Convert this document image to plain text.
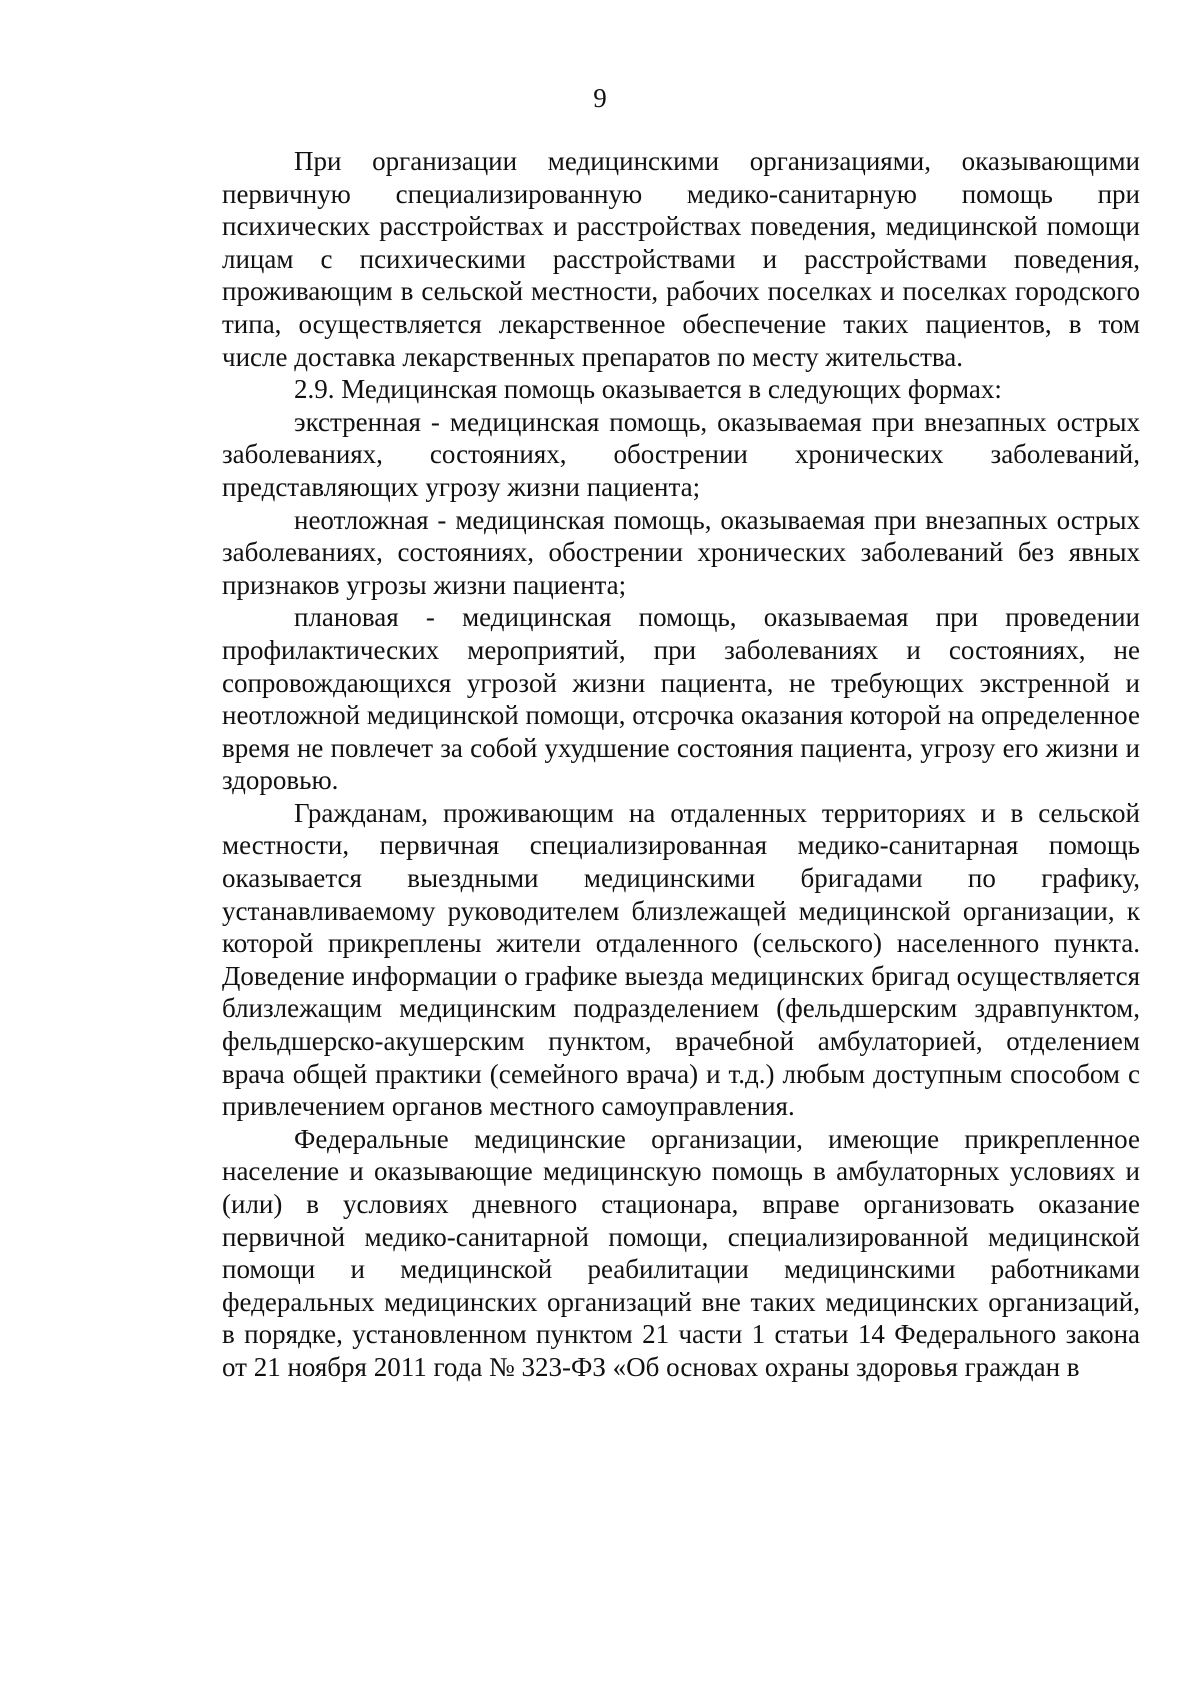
9

При организации медицинскими организациями, оказывающими первичную специализированную медико-санитарную помощь при психических расстройствах и расстройствах поведения, медицинской помощи лицам с психическими расстройствами и расстройствами поведения, проживающим в сельской местности, рабочих поселках и поселках городского типа, осуществляется лекарственное обеспечение таких пациентов, в том числе доставка лекарственных препаратов по месту жительства.

2.9. Медицинская помощь оказывается в следующих формах:

экстренная - медицинская помощь, оказываемая при внезапных острых заболеваниях, состояниях, обострении хронических заболеваний, представляющих угрозу жизни пациента;

неотложная - медицинская помощь, оказываемая при внезапных острых заболеваниях, состояниях, обострении хронических заболеваний без явных признаков угрозы жизни пациента;

плановая - медицинская помощь, оказываемая при проведении профилактических мероприятий, при заболеваниях и состояниях, не сопровождающихся угрозой жизни пациента, не требующих экстренной и неотложной медицинской помощи, отсрочка оказания которой на определенное время не повлечет за собой ухудшение состояния пациента, угрозу его жизни и здоровью.

Гражданам, проживающим на отдаленных территориях и в сельской местности, первичная специализированная медико-санитарная помощь оказывается выездными медицинскими бригадами по графику, устанавливаемому руководителем близлежащей медицинской организации, к которой прикреплены жители отдаленного (сельского) населенного пункта. Доведение информации о графике выезда медицинских бригад осуществляется близлежащим медицинским подразделением (фельдшерским здравпунктом, фельдшерско-акушерским пунктом, врачебной амбулаторией, отделением врача общей практики (семейного врача) и т.д.) любым доступным способом с привлечением органов местного самоуправления.

Федеральные медицинские организации, имеющие прикрепленное население и оказывающие медицинскую помощь в амбулаторных условиях и (или) в условиях дневного стационара, вправе организовать оказание первичной медико-санитарной помощи, специализированной медицинской помощи и медицинской реабилитации медицинскими работниками федеральных медицинских организаций вне таких медицинских организаций, в порядке, установленном пунктом 21 части 1 статьи 14 Федерального закона от 21 ноября 2011 года № 323-ФЗ «Об основах охраны здоровья граждан в
